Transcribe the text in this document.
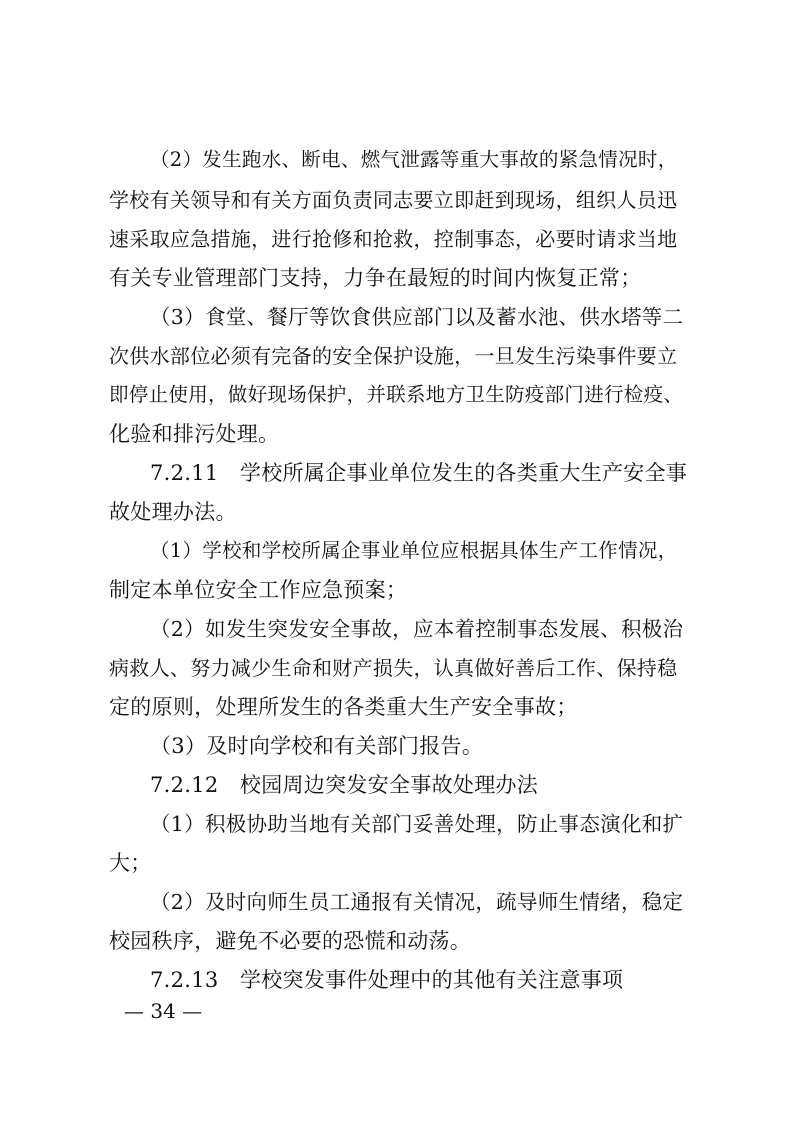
（2）发生跑水、断电、燃气泄露等重大事故的紧急情况时，
学校有关领导和有关方面负责同志要立即赶到现场，组织人员迅
速采取应急措施，进行抢修和抢救，控制事态，必要时请求当地
有关专业管理部门支持，力争在最短的时间内恢复正常；
（3）食堂、餐厅等饮食供应部门以及蓄水池、供水塔等二
次供水部位必须有完备的安全保护设施，一旦发生污染事件要立
即停止使用，做好现场保护，并联系地方卫生防疫部门进行检疫、
化验和排污处理。
7.2.11　学校所属企事业单位发生的各类重大生产安全事
故处理办法。
（1）学校和学校所属企事业单位应根据具体生产工作情况，
制定本单位安全工作应急预案；
（2）如发生突发安全事故，应本着控制事态发展、积极治
病救人、努力减少生命和财产损失，认真做好善后工作、保持稳
定的原则，处理所发生的各类重大生产安全事故；
（3）及时向学校和有关部门报告。
7.2.12　校园周边突发安全事故处理办法
（1）积极协助当地有关部门妥善处理，防止事态演化和扩
大；
（2）及时向师生员工通报有关情况，疏导师生情绪，稳定
校园秩序，避免不必要的恐慌和动荡。
7.2.13　学校突发事件处理中的其他有关注意事项
— 34 —
